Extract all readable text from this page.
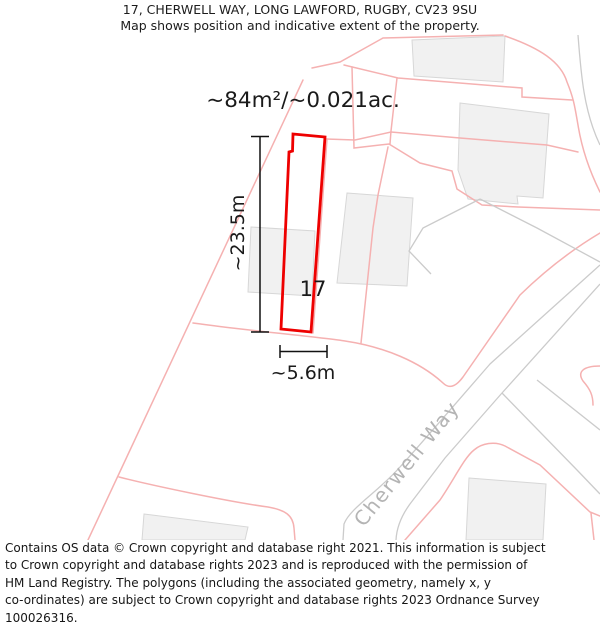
17, CHERWELL WAY, LONG LAWFORD, RUGBY, CV23 9SU
Map shows position and indicative extent of the property.
Cherwell Way
~84m²/~0.021ac.
17
~23.5m
~5.6m
Contains OS data © Crown copyright and database right 2021. This information is subject
to Crown copyright and database rights 2023 and is reproduced with the permission of
HM Land Registry. The polygons (including the associated geometry, namely x, y
co-ordinates) are subject to Crown copyright and database rights 2023 Ordnance Survey
100026316.
